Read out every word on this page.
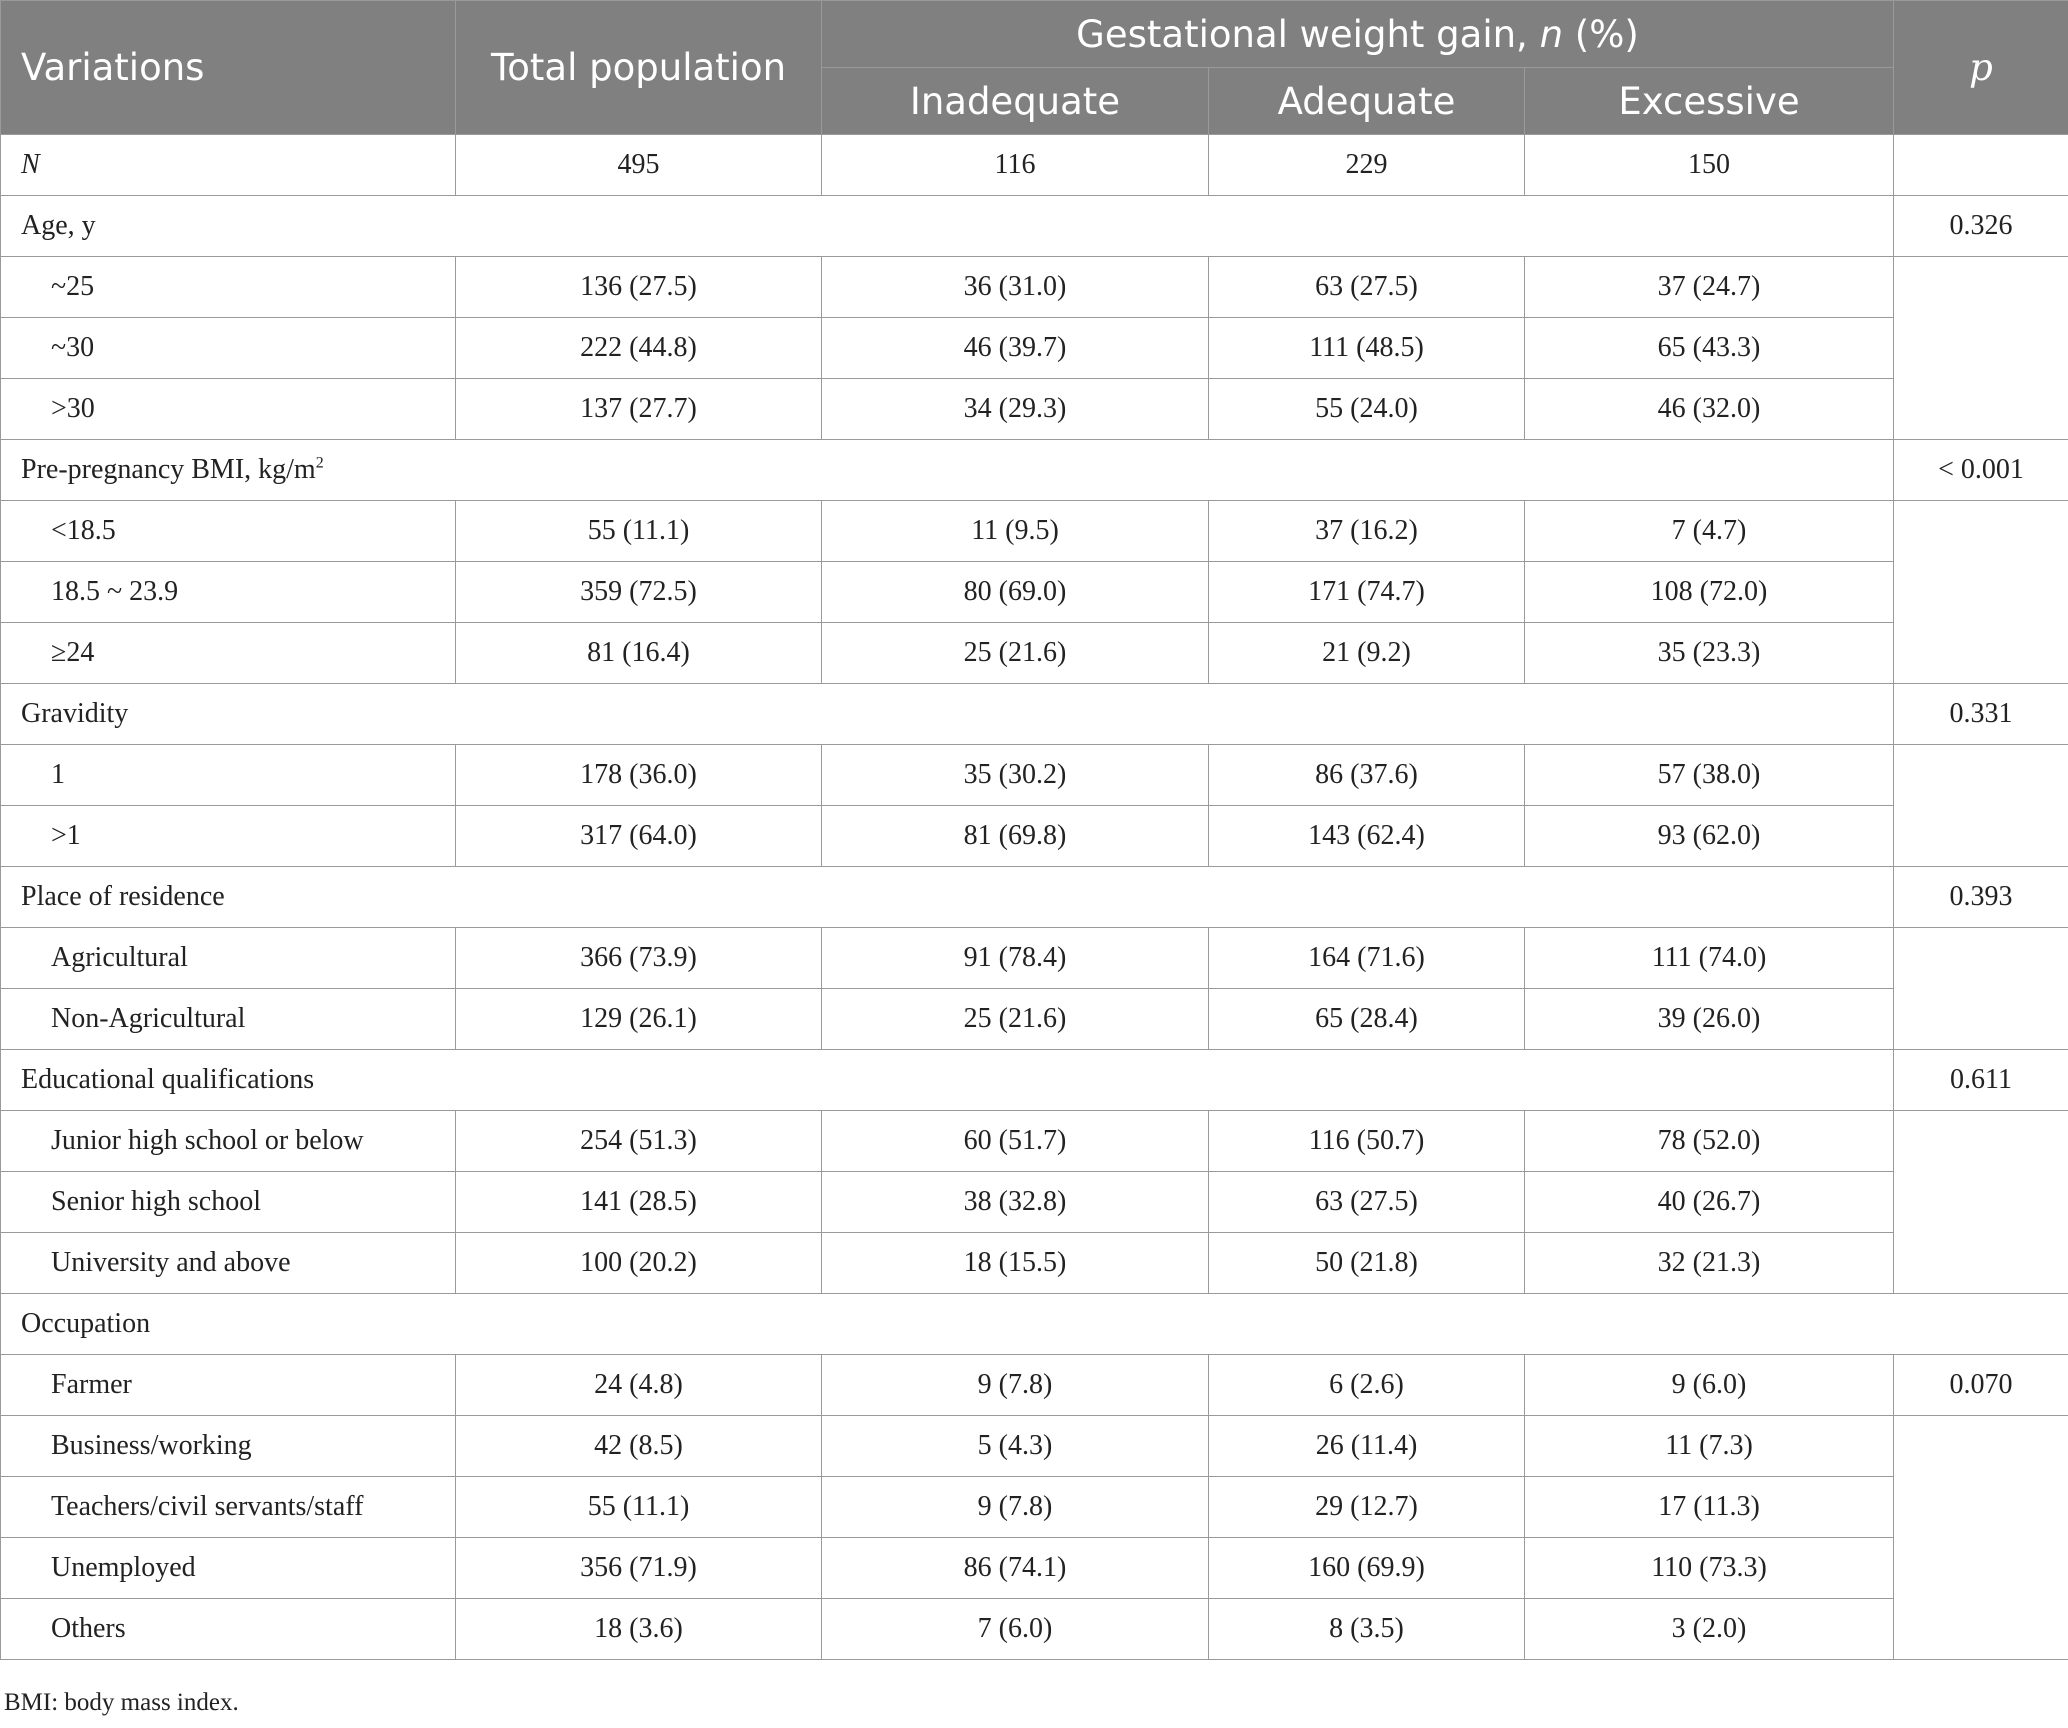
Variations	Total population	Gestational weight gain, n (%)			p
		Inadequate	Adequate	Excessive	
N	495	116	229	150	
Age, y					0.326
~25	136 (27.5)	36 (31.0)	63 (27.5)	37 (24.7)	
~30	222 (44.8)	46 (39.7)	111 (48.5)	65 (43.3)	
>30	137 (27.7)	34 (29.3)	55 (24.0)	46 (32.0)	
Pre-pregnancy BMI, $kg/m^2$					< 0.001
<18.5	55 (11.1)	11 (9.5)	37 (16.2)	7 (4.7)	
18.5 ~ 23.9	359 (72.5)	80 (69.0)	171 (74.7)	108 (72.0)	
≥24	81 (16.4)	25 (21.6)	21 (9.2)	35 (23.3)	
Gravidity					0.331
1	178 (36.0)	35 (30.2)	86 (37.6)	57 (38.0)	
>1	317 (64.0)	81 (69.8)	143 (62.4)	93 (62.0)	
Place of residence					0.393
Agricultural	366 (73.9)	91 (78.4)	164 (71.6)	111 (74.0)	
Non-Agricultural	129 (26.1)	25 (21.6)	65 (28.4)	39 (26.0)	
Educational qualifications					0.611
Junior high school or below	254 (51.3)	60 (51.7)	116 (50.7)	78 (52.0)	
Senior high school	141 (28.5)	38 (32.8)	63 (27.5)	40 (26.7)	
University and above	100 (20.2)	18 (15.5)	50 (21.8)	32 (21.3)	
Occupation					
Farmer	24 (4.8)	9 (7.8)	6 (2.6)	9 (6.0)	0.070
Business/working	42 (8.5)	5 (4.3)	26 (11.4)	11 (7.3)	
Teachers/civil servants/staff	55 (11.1)	9 (7.8)	29 (12.7)	17 (11.3)	
Unemployed	356 (71.9)	86 (74.1)	160 (69.9)	110 (73.3)	
Others	18 (3.6)	7 (6.0)	8 (3.5)	3 (2.0)	
BMI: body mass index.
